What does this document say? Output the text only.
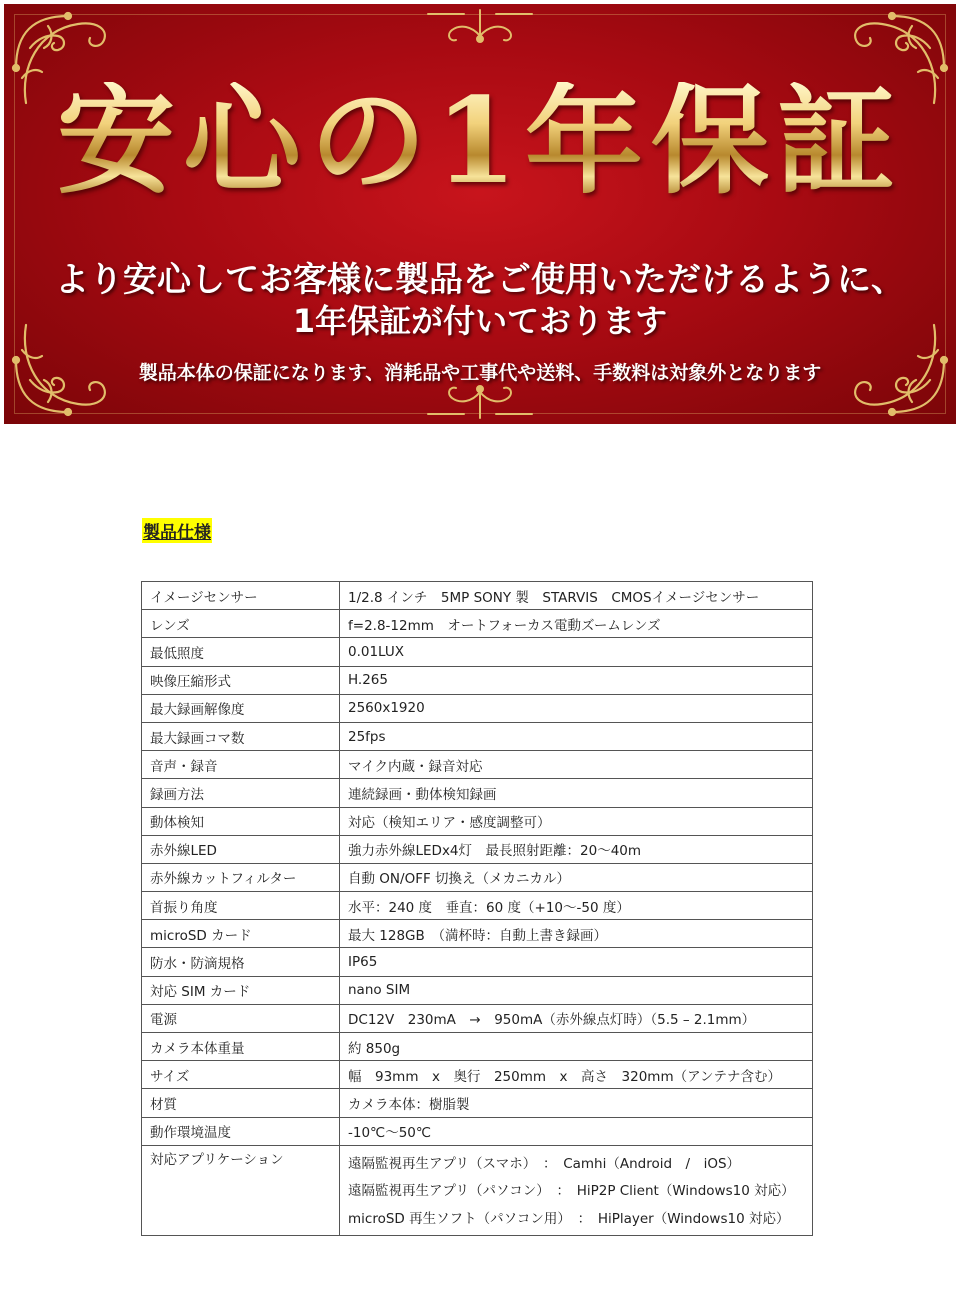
安心の1年保証
より安心してお客様に製品をご使用いただけるように、
1年保証が付いております
製品本体の保証になります、消耗品や工事代や送料、手数料は対象外となります
製品仕様
イメージセンサー	1/2.8 インチ　5MP SONY 製　STARVIS　CMOSイメージセンサー
レンズ	f=2.8-12mm　オートフォーカス電動ズームレンズ
最低照度	0.01LUX
映像圧縮形式	H.265
最大録画解像度	2560x1920
最大録画コマ数	25fps
音声・録音	マイク内蔵・録音対応
録画方法	連続録画・動体検知録画
動体検知	対応（検知エリア・感度調整可）
赤外線LED	強力赤外線LEDx4灯　最長照射距離：20～40m
赤外線カットフィルター	自動 ON/OFF 切換え（メカニカル）
首振り角度	水平：240 度　垂直：60 度（+10～-50 度）
microSD カード	最大 128GB　（満杯時：自動上書き録画）
防水・防滴規格	IP65
対応 SIM カード	nano SIM
電源	DC12V　230mA　→　950mA（赤外線点灯時）（5.5 – 2.1mm）
カメラ本体重量	約 850g
サイズ	幅　93mm　x　奥行　250mm　x　高さ　320mm（アンテナ含む）
材質	カメラ本体：樹脂製
動作環境温度	-10℃～50℃
対応アプリケーション	遠隔監視再生アプリ（スマホ）　：　Camhi（Android　/　iOS）
遠隔監視再生アプリ（パソコン）　：　HiP2P Client（Windows10 対応）
microSD 再生ソフト（パソコン用）　：　HiPlayer（Windows10 対応）
